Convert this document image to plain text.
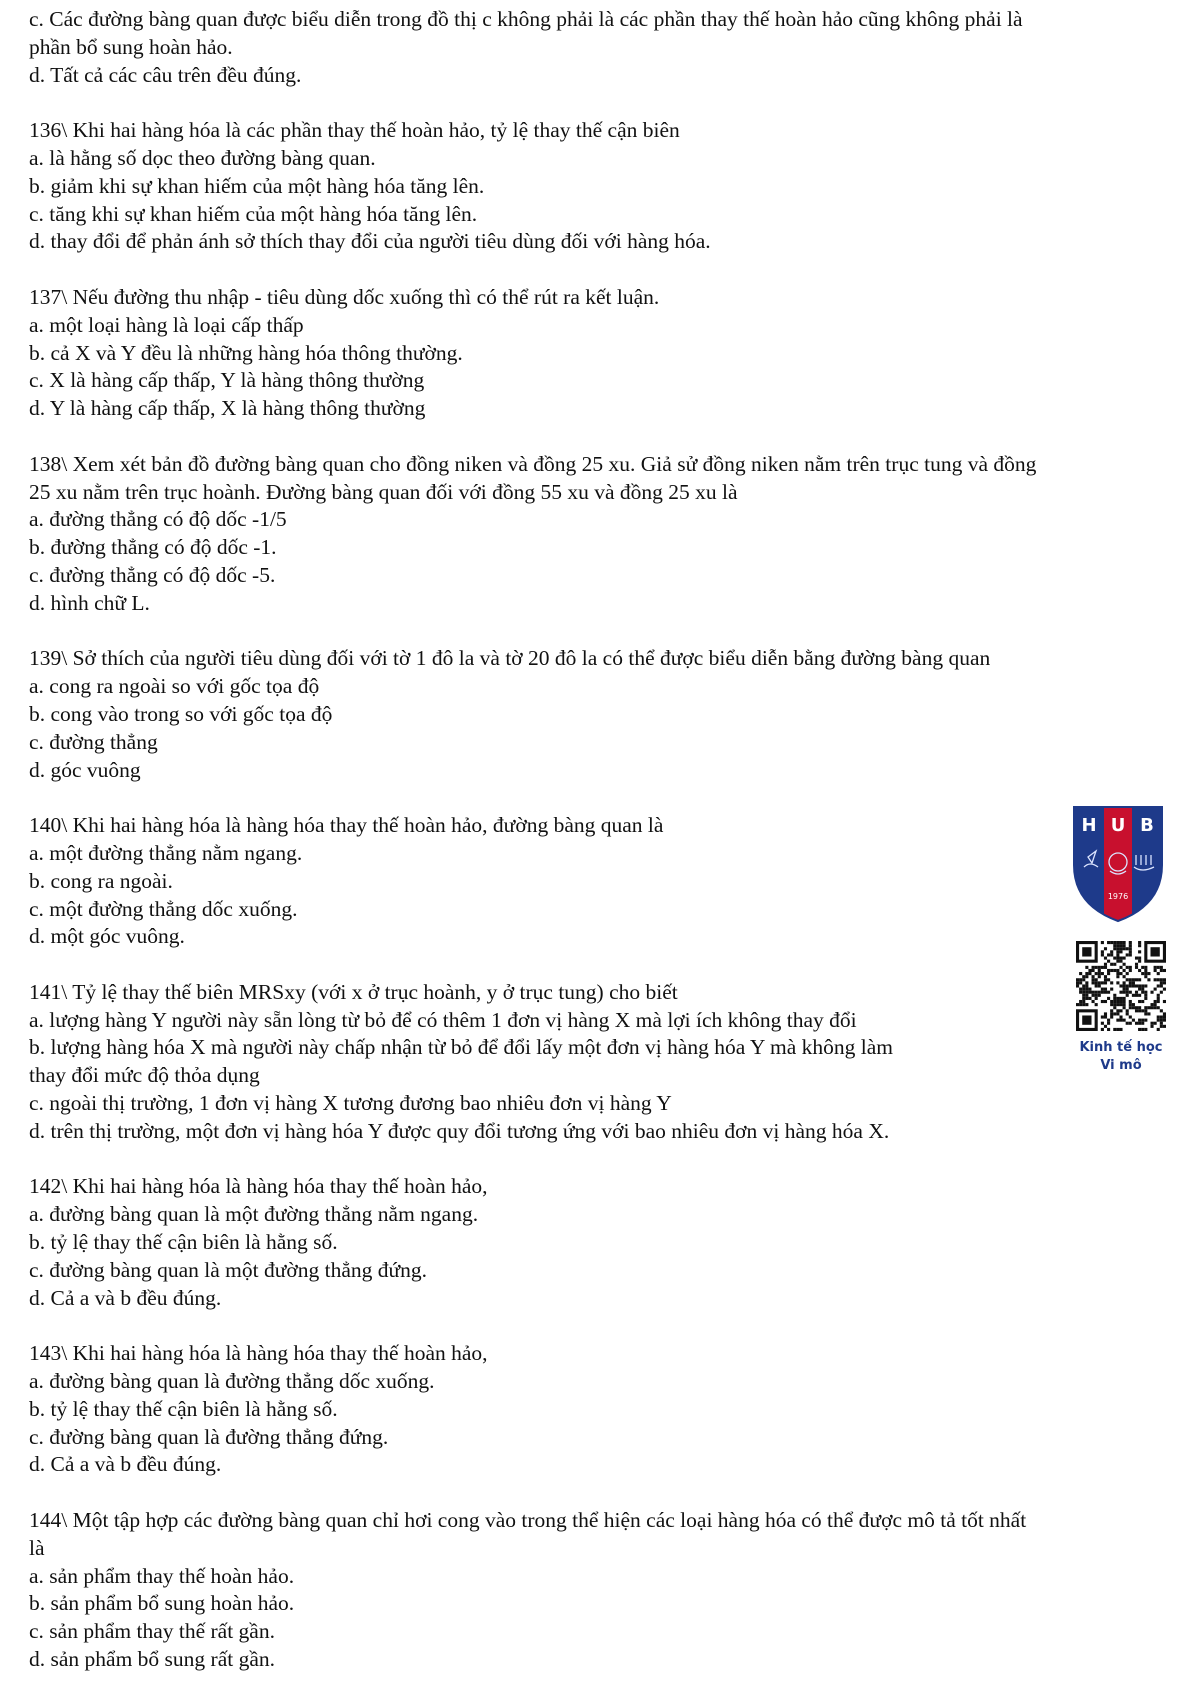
c. Các đường bàng quan được biểu diễn trong đồ thị c không phải là các phần thay thế hoàn hảo cũng không phải là
phần bổ sung hoàn hảo.
d. Tất cả các câu trên đều đúng.
136\ Khi hai hàng hóa là các phần thay thế hoàn hảo, tỷ lệ thay thế cận biên
a. là hằng số dọc theo đường bàng quan.
b. giảm khi sự khan hiếm của một hàng hóa tăng lên.
c. tăng khi sự khan hiếm của một hàng hóa tăng lên.
d. thay đổi để phản ánh sở thích thay đổi của người tiêu dùng đối với hàng hóa.
137\ Nếu đường thu nhập - tiêu dùng dốc xuống thì có thể rút ra kết luận.
a. một loại hàng là loại cấp thấp
b. cả X và Y đều là những hàng hóa thông thường.
c. X là hàng cấp thấp, Y là hàng thông thường
d. Y là hàng cấp thấp, X là hàng thông thường
138\ Xem xét bản đồ đường bàng quan cho đồng niken và đồng 25 xu. Giả sử đồng niken nằm trên trục tung và đồng
25 xu nằm trên trục hoành. Đường bàng quan đối với đồng 55 xu và đồng 25 xu là
a. đường thẳng có độ dốc -1/5
b. đường thẳng có độ dốc -1.
c. đường thẳng có độ dốc -5.
d. hình chữ L.
139\ Sở thích của người tiêu dùng đối với tờ 1 đô la và tờ 20 đô la có thể được biểu diễn bằng đường bàng quan
a. cong ra ngoài so với gốc tọa độ
b. cong vào trong so với gốc tọa độ
c. đường thẳng
d. góc vuông
140\ Khi hai hàng hóa là hàng hóa thay thế hoàn hảo, đường bàng quan là
a. một đường thẳng nằm ngang.
b. cong ra ngoài.
c. một đường thẳng dốc xuống.
d. một góc vuông.
141\ Tỷ lệ thay thế biên MRSxy (với x ở trục hoành, y ở trục tung) cho biết
a. lượng hàng Y người này sẵn lòng từ bỏ để có thêm 1 đơn vị hàng X mà lợi ích không thay đổi
b. lượng hàng hóa X mà người này chấp nhận từ bỏ để đổi lấy một đơn vị hàng hóa Y mà không làm
thay đổi mức độ thỏa dụng
c. ngoài thị trường, 1 đơn vị hàng X tương đương bao nhiêu đơn vị hàng Y
d. trên thị trường, một đơn vị hàng hóa Y được quy đổi tương ứng với bao nhiêu đơn vị hàng hóa X.
142\ Khi hai hàng hóa là hàng hóa thay thế hoàn hảo,
a. đường bàng quan là một đường thẳng nằm ngang.
b. tỷ lệ thay thế cận biên là hằng số.
c. đường bàng quan là một đường thẳng đứng.
d. Cả a và b đều đúng.
143\ Khi hai hàng hóa là hàng hóa thay thế hoàn hảo,
a. đường bàng quan là đường thẳng dốc xuống.
b. tỷ lệ thay thế cận biên là hằng số.
c. đường bàng quan là đường thẳng đứng.
d. Cả a và b đều đúng.
144\ Một tập hợp các đường bàng quan chỉ hơi cong vào trong thể hiện các loại hàng hóa có thể được mô tả tốt nhất
là
a. sản phẩm thay thế hoàn hảo.
b. sản phẩm bổ sung hoàn hảo.
c. sản phẩm thay thế rất gần.
d. sản phẩm bổ sung rất gần.
H U B
1976
Kinh tế học
Vi mô
